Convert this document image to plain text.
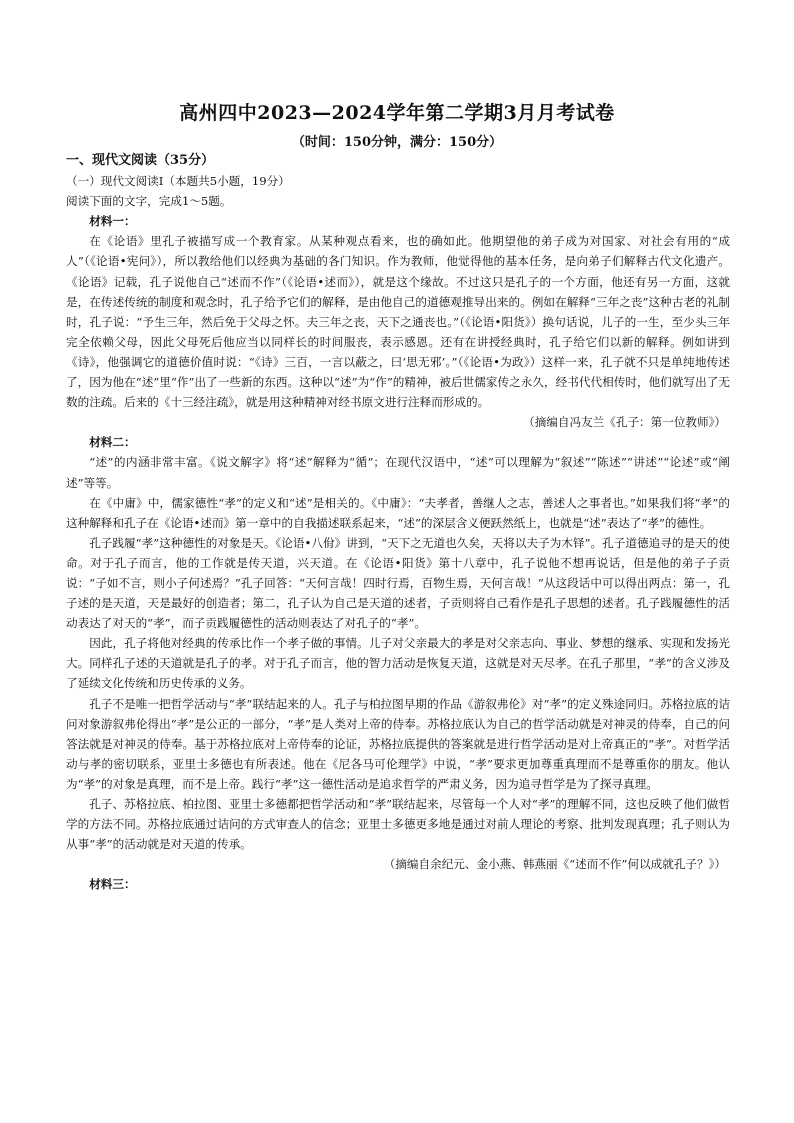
高州四中2023—2024学年第二学期3月月考试卷
（时间：150分钟，满分：150分）

一、现代文阅读（35分）

（一）现代文阅读Ⅰ（本题共5小题，19分）

阅读下面的文字，完成1～5题。

材料一：

在《论语》里孔子被描写成一个教育家。从某种观点看来，也的确如此。他期望他的弟子成为对国家、对社会有用的“成人”（《论语•宪问》），所以教给他们以经典为基础的各门知识。作为教师，他觉得他的基本任务，是向弟子们解释古代文化遗产。《论语》记载，孔子说他自己“述而不作”（《论语•述而》），就是这个缘故。不过这只是孔子的一个方面，他还有另一方面，这就是，在传述传统的制度和观念时，孔子给予它们的解释，是由他自己的道德观推导出来的。例如在解释“三年之丧”这种古老的礼制时，孔子说：“予生三年，然后免于父母之怀。夫三年之丧，天下之通丧也。”（《论语•阳货》）换句话说，儿子的一生，至少头三年完全依赖父母，因此父母死后他应当以同样长的时间服丧，表示感恩。还有在讲授经典时，孔子给它们以新的解释。例如讲到《诗》，他强调它的道德价值时说：“《诗》三百，一言以蔽之，曰‘思无邪’。”（《论语•为政》）这样一来，孔子就不只是单纯地传述了，因为他在“述”里“作”出了一些新的东西。这种以“述”为“作”的精神，被后世儒家传之永久，经书代代相传时，他们就写出了无数的注疏。后来的《十三经注疏》，就是用这种精神对经书原文进行注释而形成的。

（摘编自冯友兰《孔子：第一位教师》）

材料二：

“述”的内涵非常丰富。《说文解字》将“述”解释为“循”；在现代汉语中，“述”可以理解为“叙述”“陈述”“讲述”“论述”或“阐述”等等。

在《中庸》中，儒家德性“孝”的定义和“述”是相关的。《中庸》：“夫孝者，善继人之志，善述人之事者也。”如果我们将“孝”的这种解释和孔子在《论语•述而》第一章中的自我描述联系起来，“述”的深层含义便跃然纸上，也就是“述”表达了“孝”的德性。

孔子践履“孝”这种德性的对象是天。《论语•八佾》讲到，“天下之无道也久矣，天将以夫子为木铎”。孔子道德追寻的是天的使命。对于孔子而言，他的工作就是传天道，兴天道。在《论语•阳货》第十八章中，孔子说他不想再说话，但是他的弟子子贡说：“子如不言，则小子何述焉？”孔子回答：“天何言哉！四时行焉，百物生焉，天何言哉！”从这段话中可以得出两点：第一，孔子述的是天道，天是最好的创造者；第二，孔子认为自己是天道的述者，子贡则将自己看作是孔子思想的述者。孔子践履德性的活动表达了对天的“孝”，而子贡践履德性的活动则表达了对孔子的“孝”。

因此，孔子将他对经典的传承比作一个孝子做的事情。儿子对父亲最大的孝是对父亲志向、事业、梦想的继承、实现和发扬光大。同样孔子述的天道就是孔子的孝。对于孔子而言，他的智力活动是恢复天道，这就是对天尽孝。在孔子那里，“孝”的含义涉及了延续文化传统和历史传承的义务。

孔子不是唯一把哲学活动与“孝”联结起来的人。孔子与柏拉图早期的作品《游叙弗伦》对“孝”的定义殊途同归。苏格拉底的诘问对象游叙弗伦得出“孝”是公正的一部分，“孝”是人类对上帝的侍奉。苏格拉底认为自己的哲学活动就是对神灵的侍奉，自己的问答法就是对神灵的侍奉。基于苏格拉底对上帝侍奉的论证，苏格拉底提供的答案就是进行哲学活动是对上帝真正的“孝”。对哲学活动与孝的密切联系，亚里士多德也有所表述。他在《尼各马可伦理学》中说，“孝”要求更加尊重真理而不是尊重你的朋友。他认为“孝”的对象是真理，而不是上帝。践行“孝”这一德性活动是追求哲学的严肃义务，因为追寻哲学是为了探寻真理。

孔子、苏格拉底、柏拉图、亚里士多德都把哲学活动和“孝”联结起来，尽管每一个人对“孝”的理解不同，这也反映了他们做哲学的方法不同。苏格拉底通过诘问的方式审查人的信念；亚里士多德更多地是通过对前人理论的考察、批判发现真理；孔子则认为从事“孝”的活动就是对天道的传承。

（摘编自余纪元、金小燕、韩燕丽《“述而不作”何以成就孔子？》）

材料三：
